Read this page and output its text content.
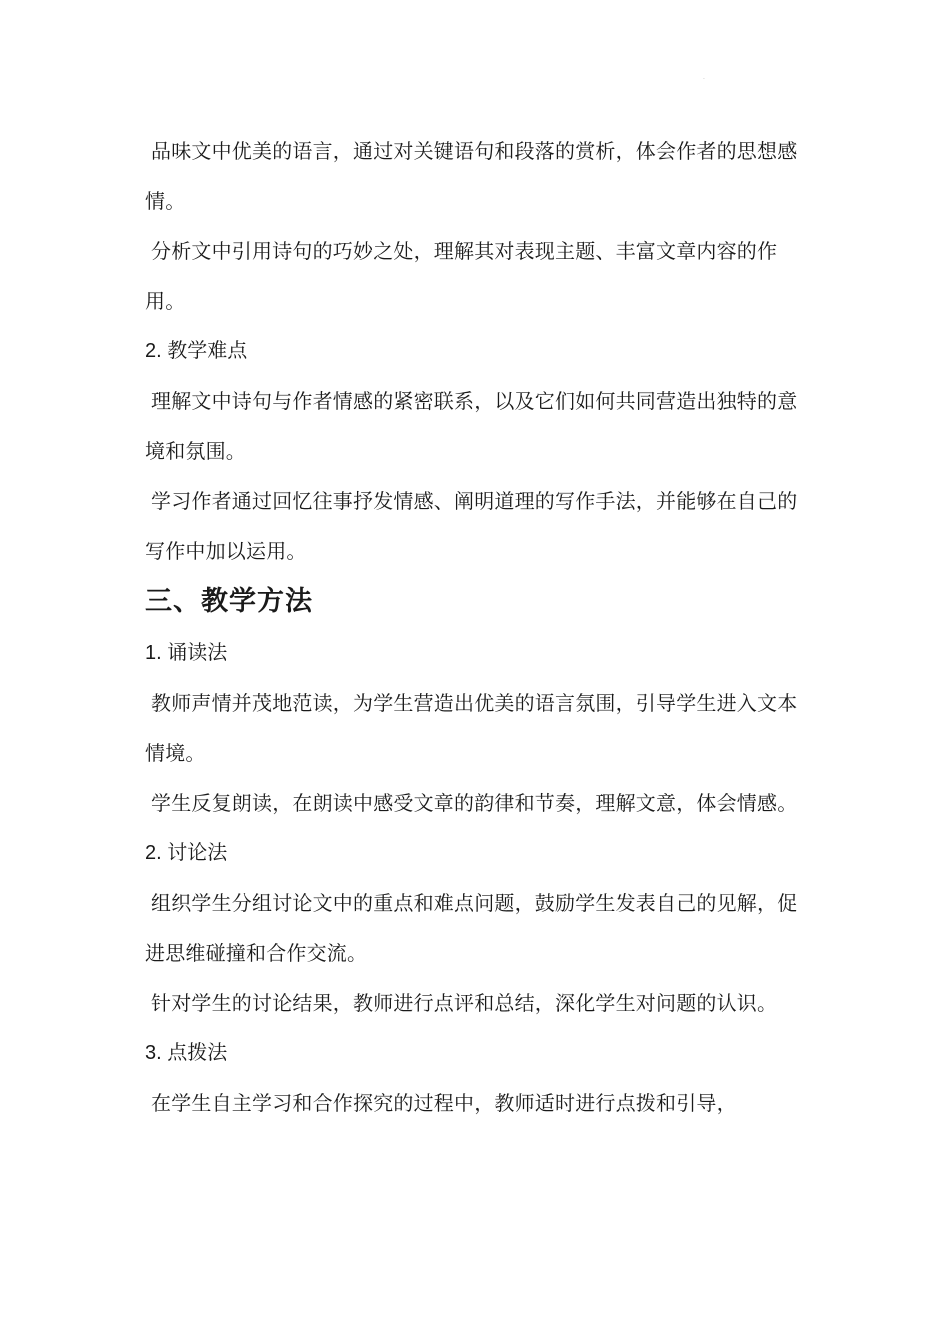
·

品味文中优美的语言，通过对关键语句和段落的赏析，体会作者的思想感情。

分析文中引用诗句的巧妙之处，理解其对表现主题、丰富文章内容的作用。

2. 教学难点

理解文中诗句与作者情感的紧密联系，以及它们如何共同营造出独特的意境和氛围。

学习作者通过回忆往事抒发情感、阐明道理的写作手法，并能够在自己的写作中加以运用。

三、教学方法

1. 诵读法

教师声情并茂地范读，为学生营造出优美的语言氛围，引导学生进入文本情境。

学生反复朗读，在朗读中感受文章的韵律和节奏，理解文意，体会情感。

2. 讨论法

组织学生分组讨论文中的重点和难点问题，鼓励学生发表自己的见解，促进思维碰撞和合作交流。

针对学生的讨论结果，教师进行点评和总结，深化学生对问题的认识。

3. 点拨法

在学生自主学习和合作探究的过程中，教师适时进行点拨和引导，
